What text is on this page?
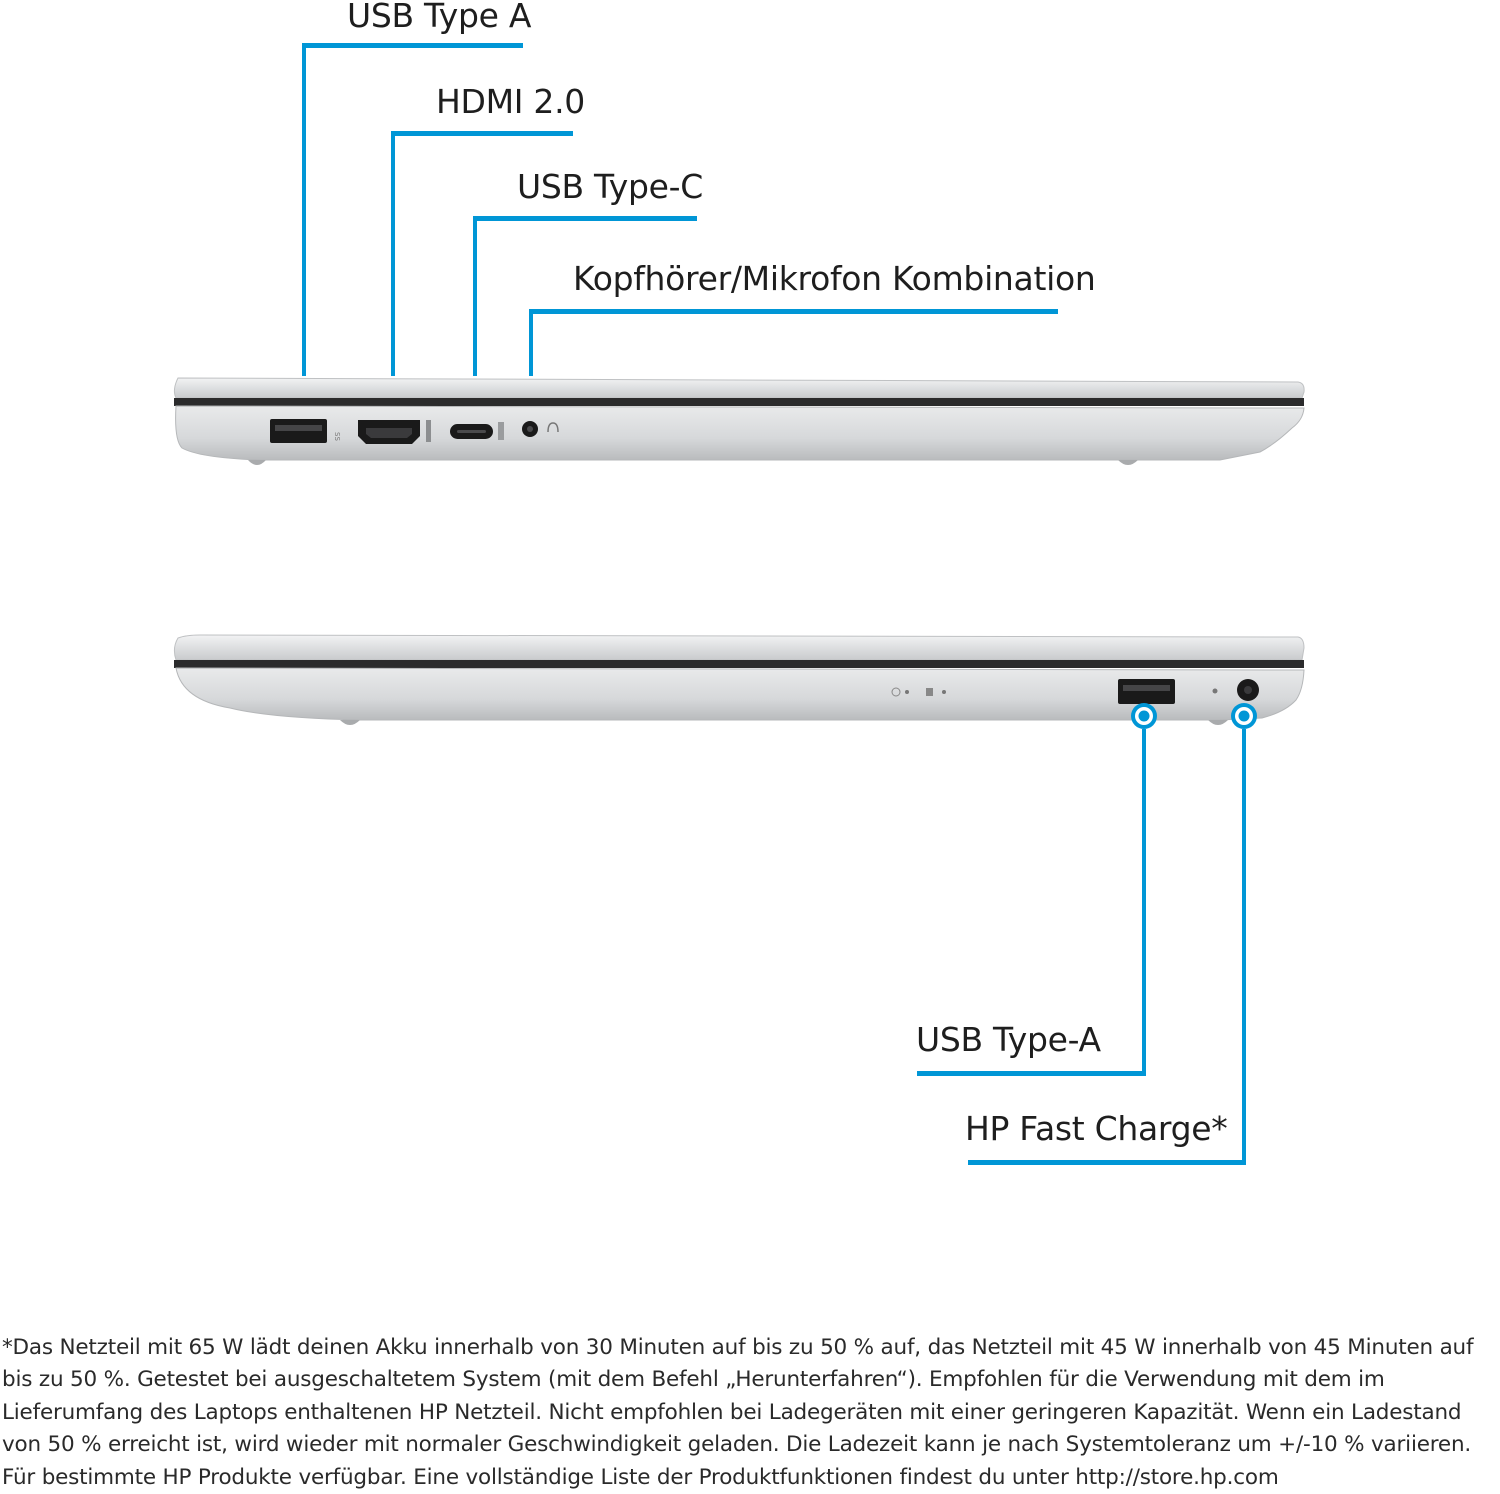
USB Type A
HDMI 2.0
USB Type-C
Kopfhörer/Mikrofon Kombination
SS
USB Type-A
HP Fast Charge*
*Das Netzteil mit 65 W lädt deinen Akku innerhalb von 30 Minuten auf bis zu 50 % auf, das Netzteil mit 45 W innerhalb von 45 Minuten auf bis zu 50 %. Getestet bei ausgeschaltetem System (mit dem Befehl „Herunterfahren“). Empfohlen für die Verwendung mit dem im Lieferumfang des Laptops enthaltenen HP Netzteil. Nicht empfohlen bei Ladegeräten mit einer geringeren Kapazität. Wenn ein Ladestand von 50 % erreicht ist, wird wieder mit normaler Geschwindigkeit geladen. Die Ladezeit kann je nach Systemtoleranz um +/-10 % variieren. Für bestimmte HP Produkte verfügbar. Eine vollständige Liste der Produktfunktionen findest du unter http://store.hp.com
